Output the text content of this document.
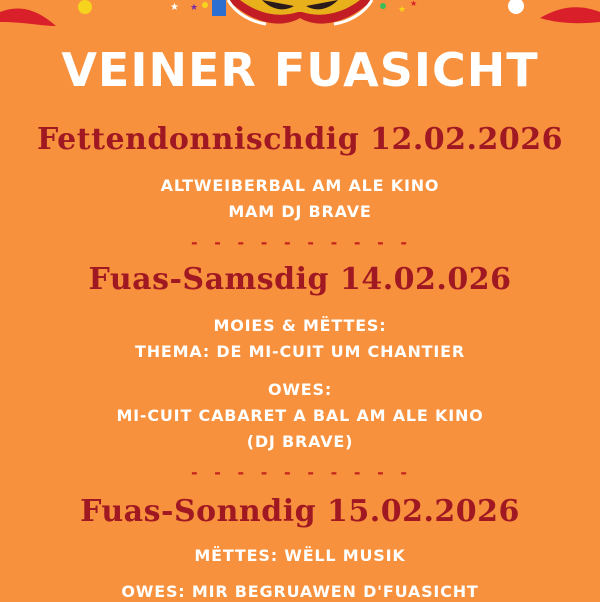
★ ★	★
★
VEINER FUASICHT
Fettendonnischdig 12.02.2026
ALTWEIBERBAL AM ALE KINO
MAM DJ BRAVE
- - - - - - - - - -
Fuas-Samsdig 14.02.026
MOIES & MËTTES:
THEMA: DE MI-CUIT UM CHANTIER
OWES:
MI-CUIT CABARET A BAL AM ALE KINO
(DJ BRAVE)
- - - - - - - - - -
Fuas-Sonndig 15.02.2026
MËTTES: WËLL MUSIK
OWES: MIR BEGRUAWEN D'FUASICHT
